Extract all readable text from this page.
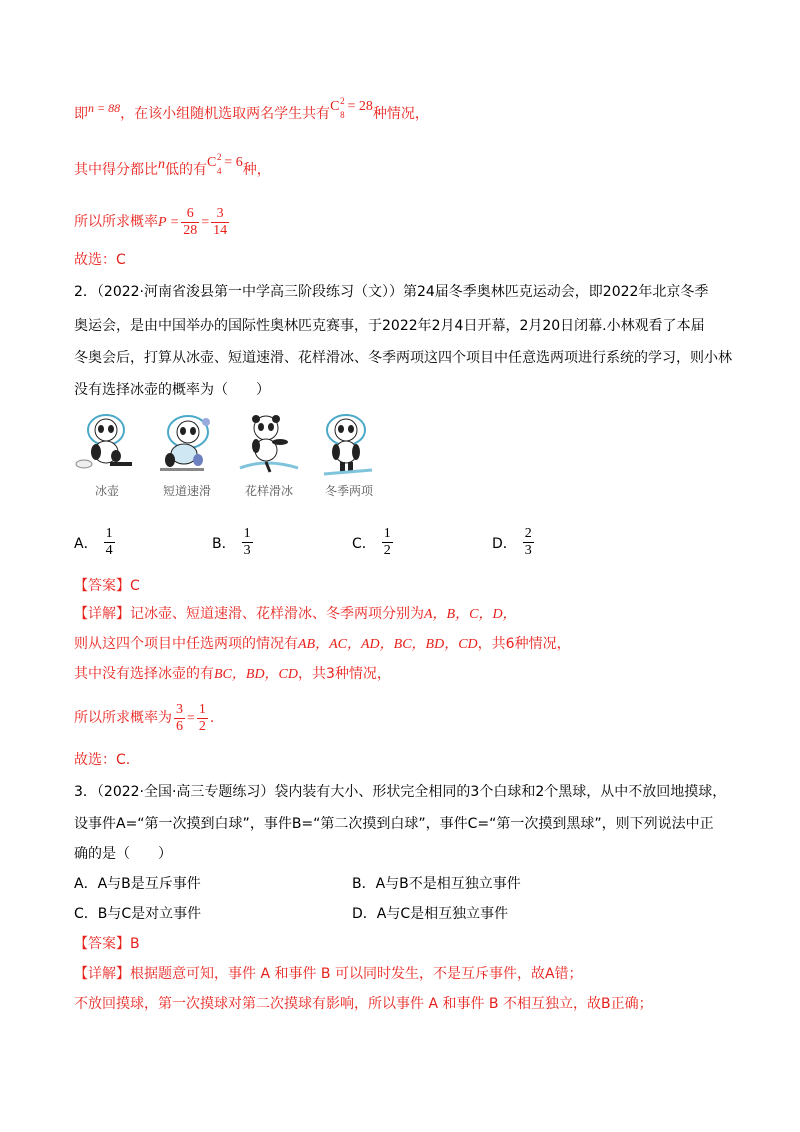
即n = 88，在该小组随机选取两名学生共有C 2
8
= 28种情况，
其中得分都比n低的有C 2
4
= 6种，
所以所求概率$P = \frac{6}{28} = \frac{3}{14}$
故选：C
2．（2022·河南省浚县第一中学高三阶段练习（文））第24届冬季奥林匹克运动会，即2022年北京冬季
奥运会，是由中国举办的国际性奥林匹克赛事，于2022年2月4日开幕，2月20日闭幕.小林观看了本届
冬奥会后，打算从冰壶、短道速滑、花样滑冰、冬季两项这四个项目中任意选两项进行系统的学习，则小林
没有选择冰壶的概率为（　　）
冰壶	短道速滑	花样滑冰	冬季两项
A． $\frac{1}{4}$	B． $\frac{1}{3}$	C． $\frac{1}{2}$	D． $\frac{2}{3}$
【答案】C
【详解】记冰壶、短道速滑、花样滑冰、冬季两项分别为A，B，C，D，
则从这四个项目中任选两项的情况有AB，AC，AD，BC，BD，CD，共6种情况，
其中没有选择冰壶的有BC，BD，CD，共3种情况，
所以所求概率为 $\frac{3}{6} = \frac{1}{2}$ .
故选：C.
3．（2022·全国·高三专题练习）袋内装有大小、形状完全相同的3个白球和2个黑球，从中不放回地摸球，
设事件A=“第一次摸到白球”，事件B=“第二次摸到白球”，事件C=“第一次摸到黑球”，则下列说法中正
确的是（　　）
A．A与B是互斥事件	B．A与B不是相互独立事件
C．B与C是对立事件	D．A与C是相互独立事件
【答案】B
【详解】根据题意可知，事件 A 和事件 B 可以同时发生，不是互斥事件，故A错；
不放回摸球，第一次摸球对第二次摸球有影响，所以事件 A 和事件 B 不相互独立，故B正确；
